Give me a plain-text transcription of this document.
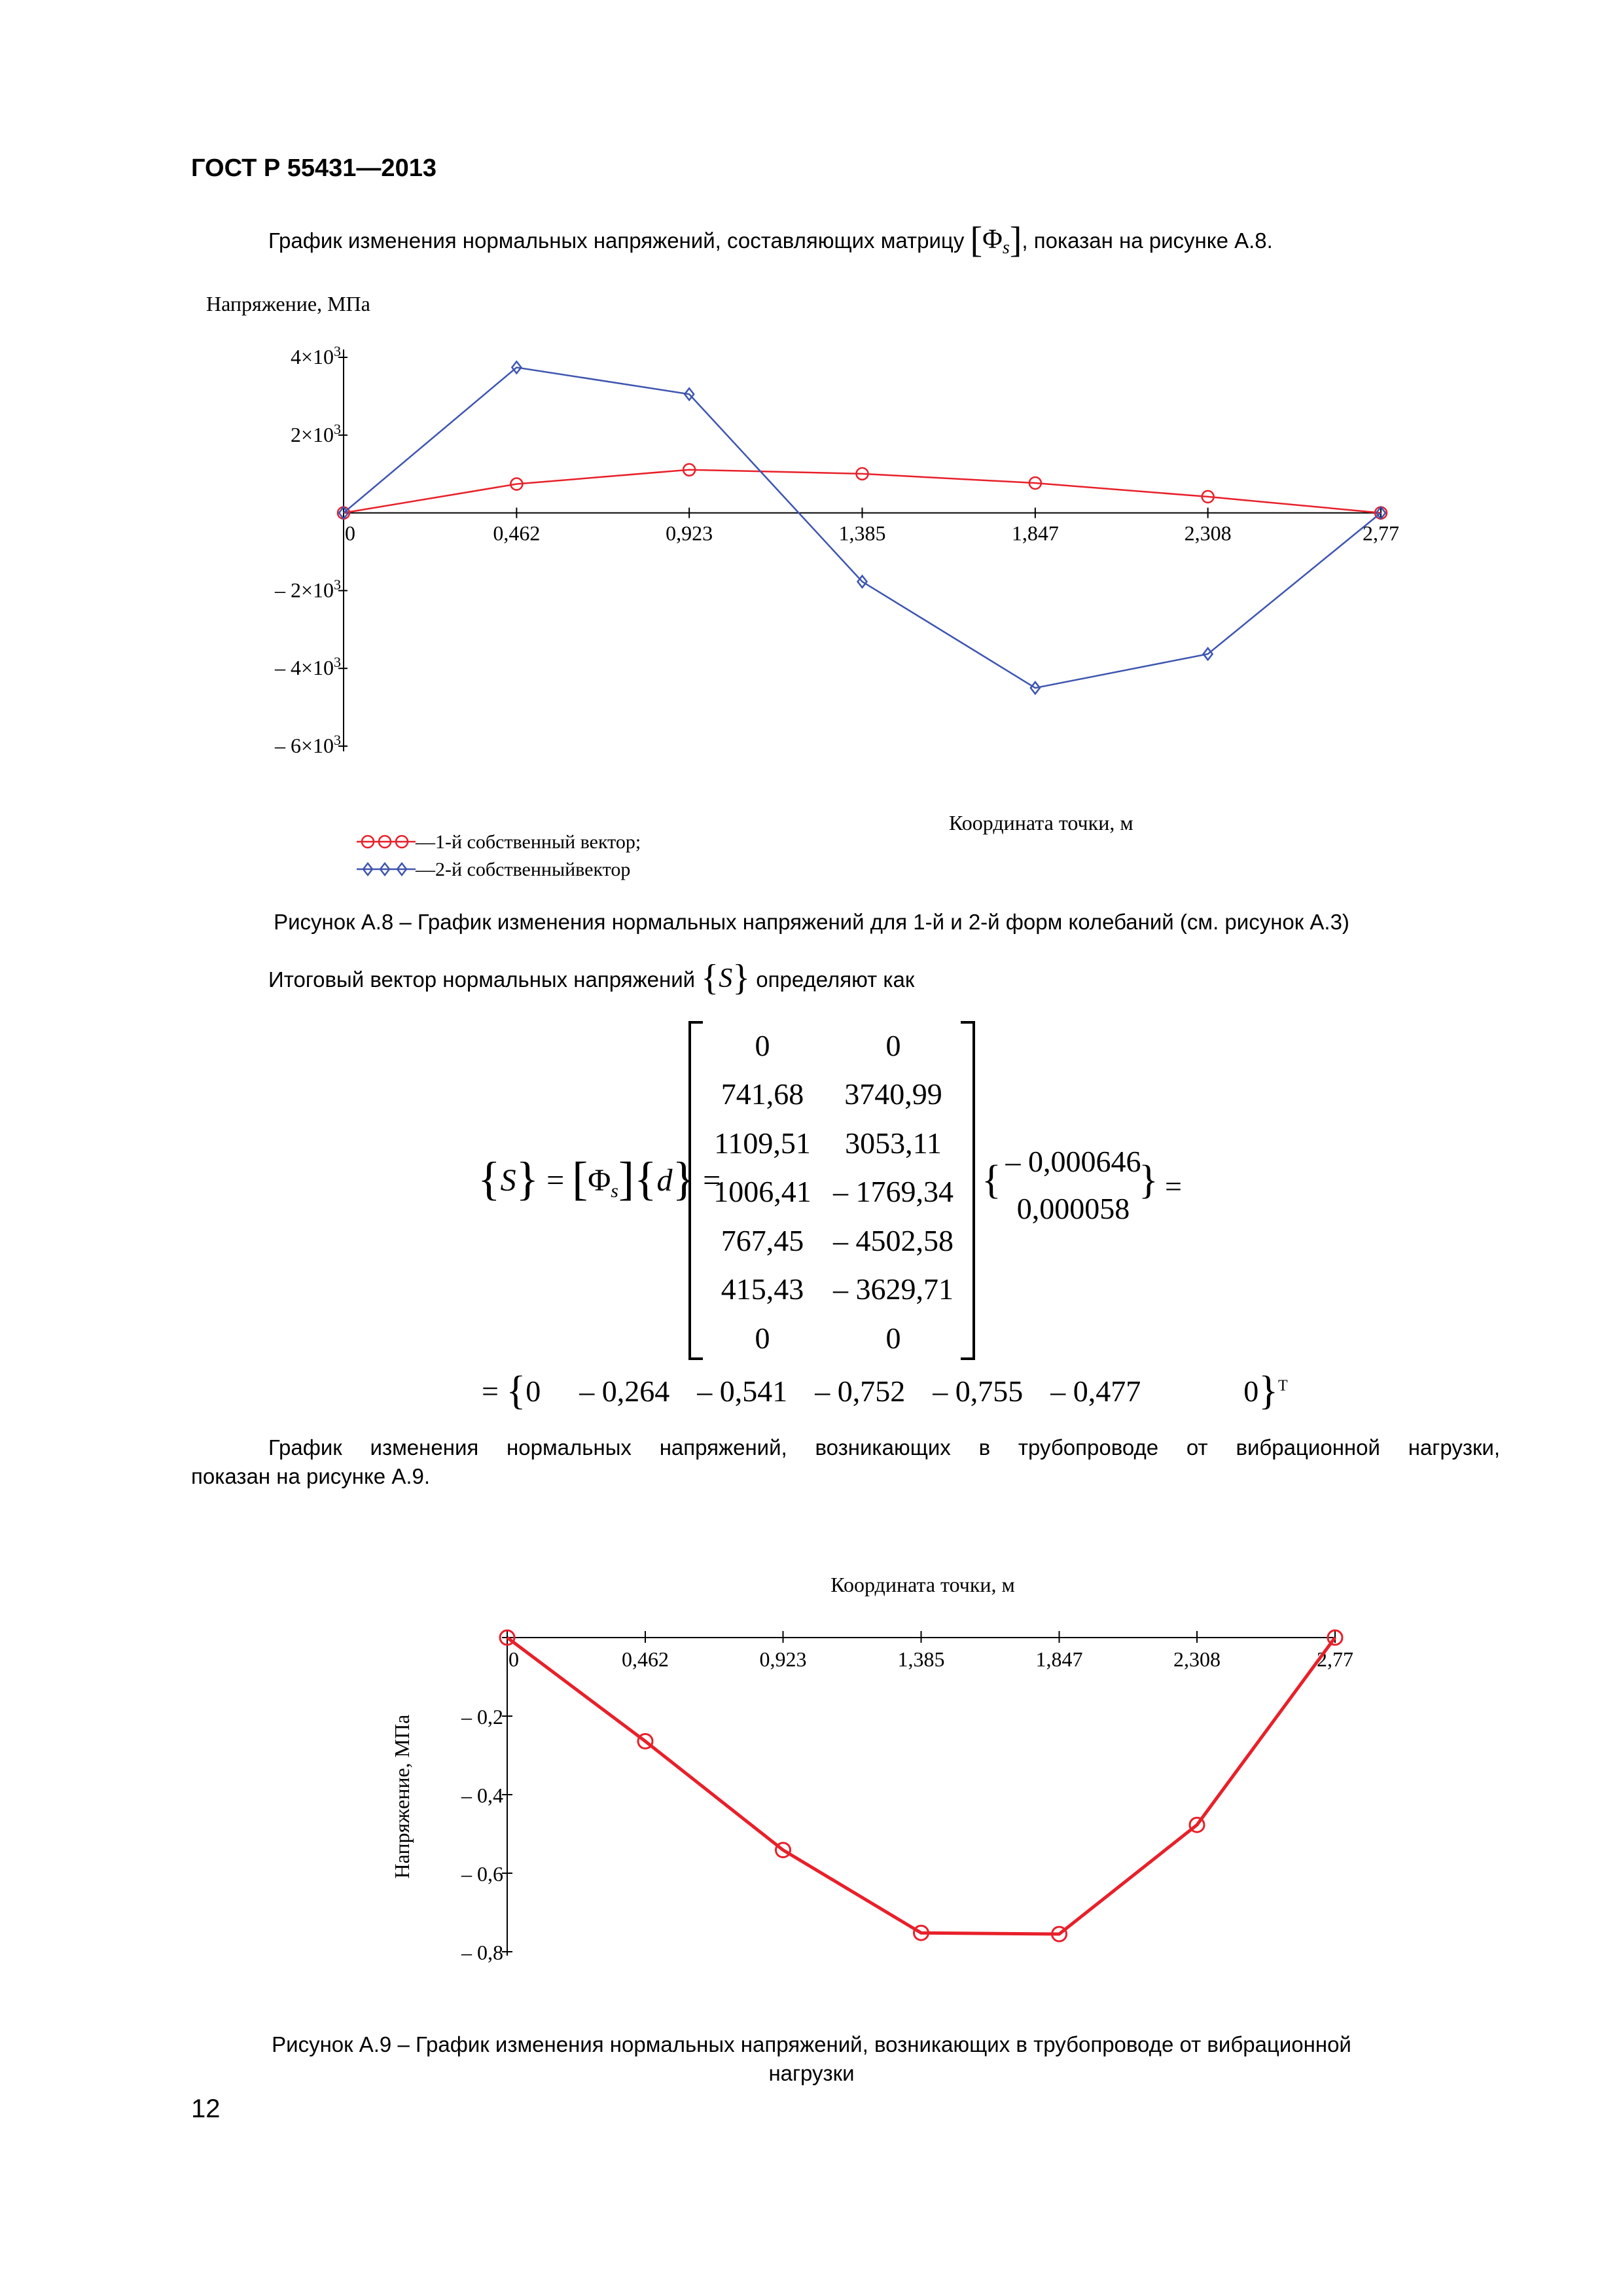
ГОСТ Р 55431—2013
График изменения нормальных напряжений, составляющих матрицу $[\Phi_s]$, показан на рисунке А.8.
Напряжение, МПа
$4\times 10^3$
$2\times 10^3$
– $2\times 10^3$
– $4\times 10^3$
– $6\times 10^3$
0	0,462	0,923	1,385	1,847	2,308	2,77
Координата точки, м
—1-й собственный вектор;
—2-й собственныйвектор
Рисунок А.8 – График изменения нормальных напряжений для 1-й и 2-й форм колебаний (см. рисунок А.3)
Итоговый вектор нормальных напряжений {S} определяют как
$\{S\} = [\Phi_s]\{d\}$ =
0	0
741,68	3740,99
1109,51	3053,11
1006,41 – 1769,34
767,45 – 4502,58
415,43 – 3629,71
0	0
{ – 0,000646
0,000058
} =
= {0 – 0,264 – 0,541 – 0,752 – 0,755 – 0,477	0}$^T$
График изменения нормальных напряжений, возникающих в трубопроводе от вибрационной нагрузки,
показан на рисунке А.9.
Координата точки, м
0	0,462	0,923	1,385	1,847	2,308	2,77
– 0,2
– 0,4
– 0,6
– 0,8
Напряжение, МПа
Рисунок А.9 – График изменения нормальных напряжений, возникающих в трубопроводе от вибрационной
нагрузки
12
